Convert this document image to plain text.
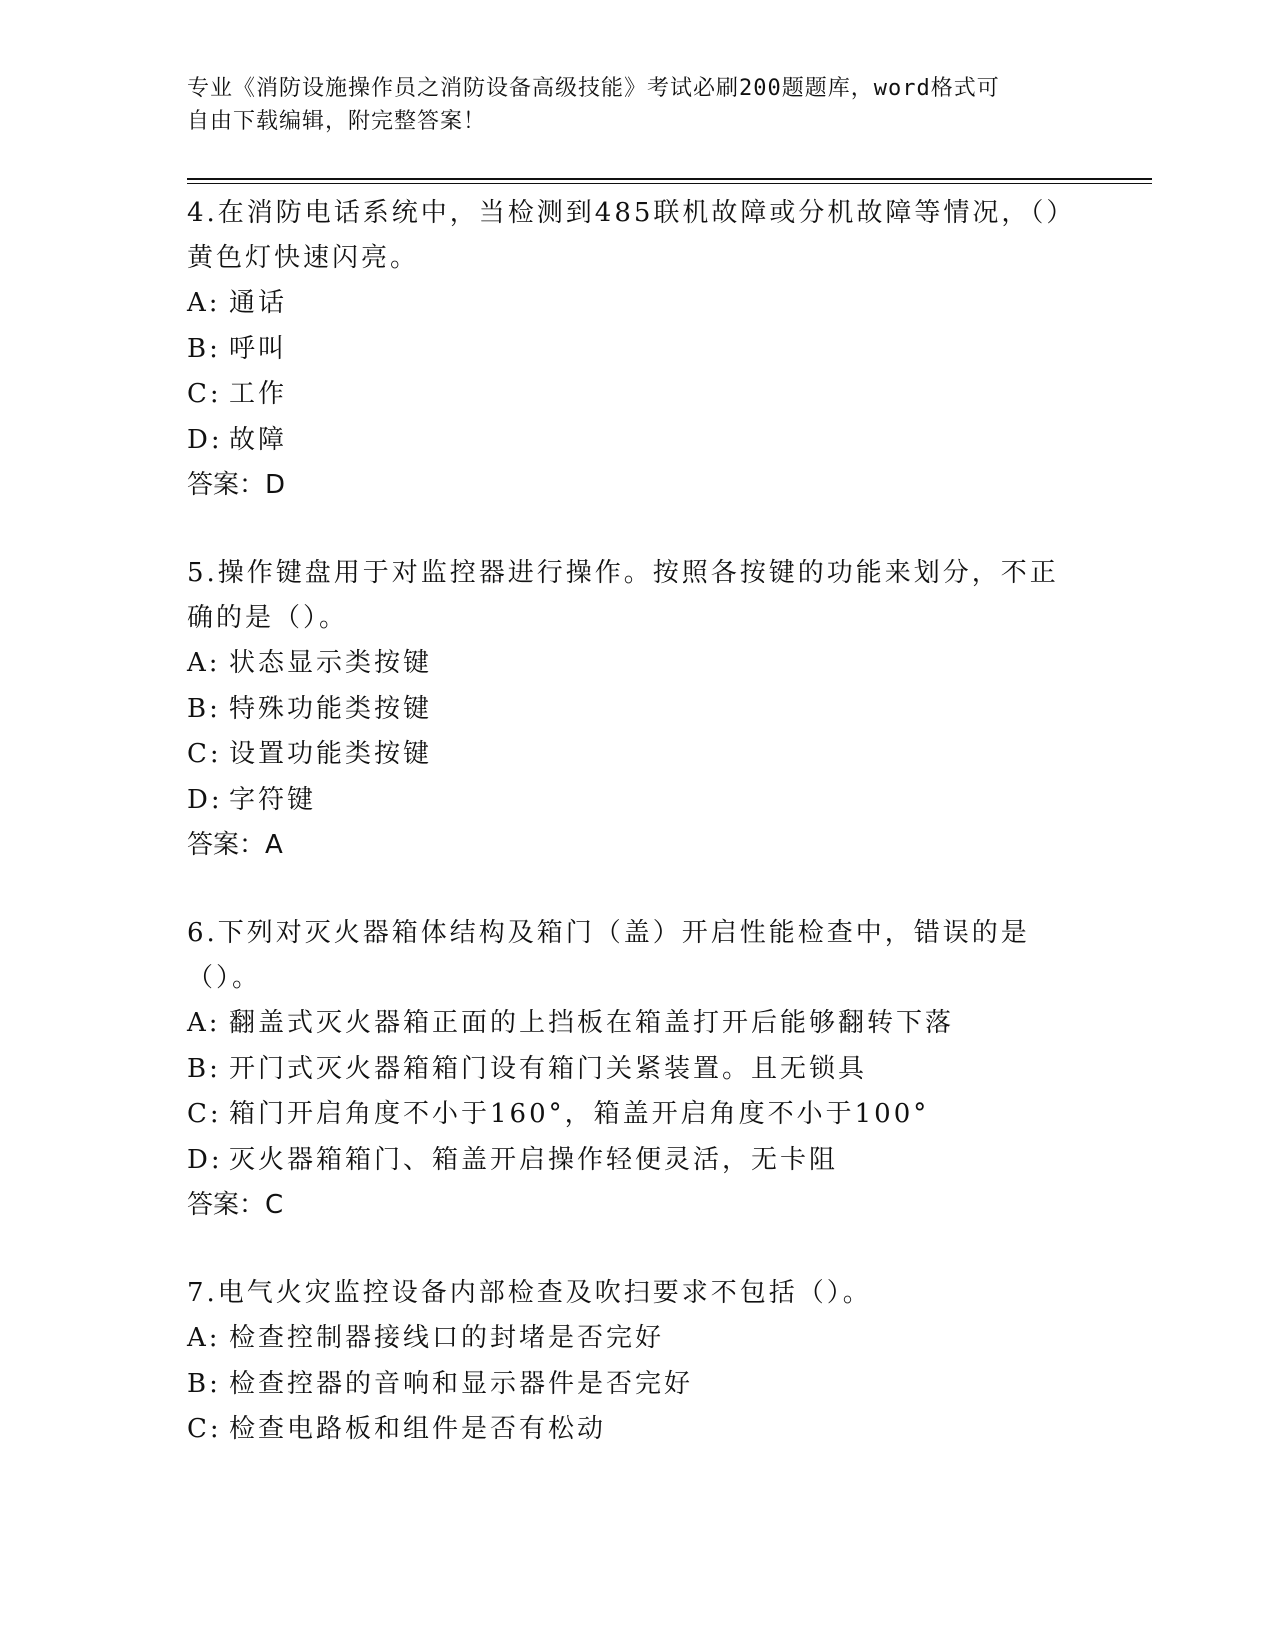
专业《消防设施操作员之消防设备高级技能》考试必刷200题题库，word格式可
自由下载编辑，附完整答案！

4.在消防电话系统中，当检测到485联机故障或分机故障等情况，（）黄色灯快速闪亮。

A: 通话
B: 呼叫
C: 工作
D: 故障

答案：D

5.操作键盘用于对监控器进行操作。按照各按键的功能来划分，不正确的是（）。

A: 状态显示类按键
B: 特殊功能类按键
C: 设置功能类按键
D: 字符键

答案：A

6.下列对灭火器箱体结构及箱门（盖）开启性能检查中，错误的是（）。

A: 翻盖式灭火器箱正面的上挡板在箱盖打开后能够翻转下落
B: 开门式灭火器箱箱门设有箱门关紧装置。且无锁具
C: 箱门开启角度不小于160°，箱盖开启角度不小于100°
D: 灭火器箱箱门、箱盖开启操作轻便灵活，无卡阻

答案：C

7.电气火灾监控设备内部检查及吹扫要求不包括（）。

A: 检查控制器接线口的封堵是否完好
B: 检查控器的音响和显示器件是否完好
C: 检查电路板和组件是否有松动
